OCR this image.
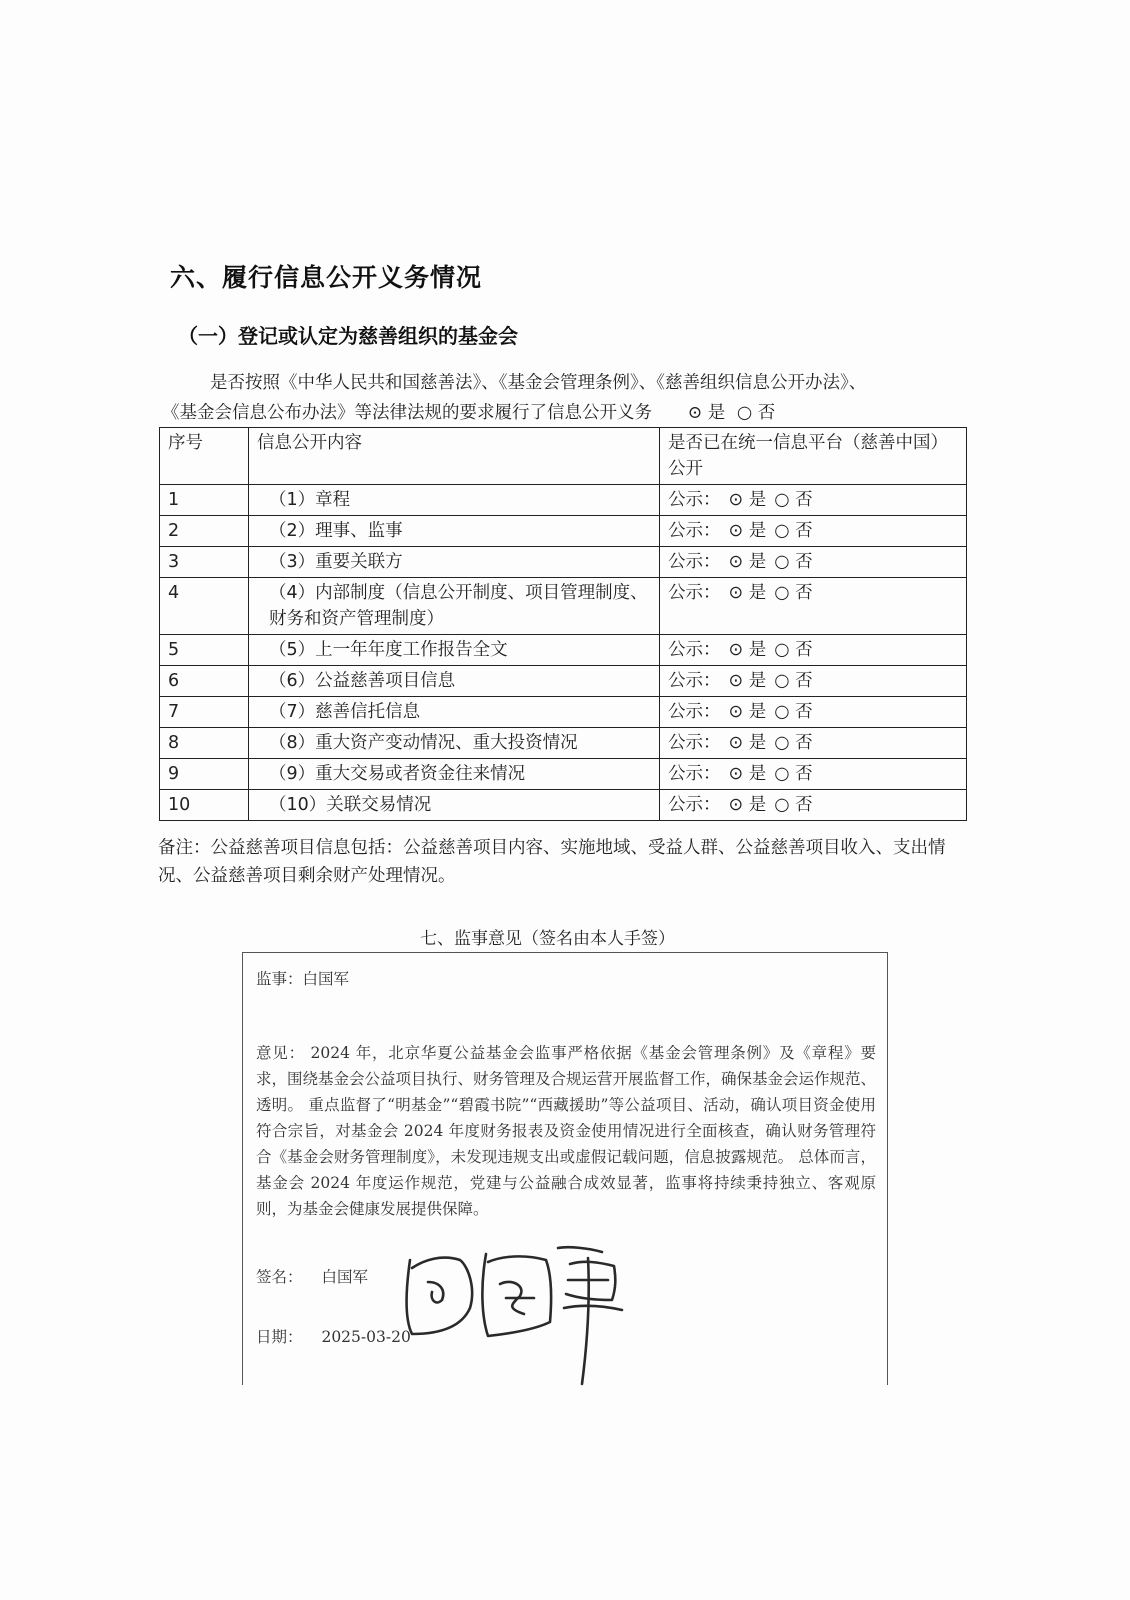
六、履行信息公开义务情况
（一）登记或认定为慈善组织的基金会
是否按照《中华人民共和国慈善法》、《基金会管理条例》、《慈善组织信息公开办法》、
《基金会信息公布办法》等法律法规的要求履行了信息公开义务 ⊙ 是 ○ 否
序号	信息公开内容	是否已在统一信息平台（慈善中国）公开
1	（1）章程	公示： ⊙ 是 ○ 否
2	（2）理事、监事	公示： ⊙ 是 ○ 否
3	（3）重要关联方	公示： ⊙ 是 ○ 否
4	（4）内部制度（信息公开制度、项目管理制度、财务和资产管理制度）	公示： ⊙ 是 ○ 否
5	（5）上一年年度工作报告全文	公示： ⊙ 是 ○ 否
6	（6）公益慈善项目信息	公示： ⊙ 是 ○ 否
7	（7）慈善信托信息	公示： ⊙ 是 ○ 否
8	（8）重大资产变动情况、重大投资情况	公示： ⊙ 是 ○ 否
9	（9）重大交易或者资金往来情况	公示： ⊙ 是 ○ 否
10	（10）关联交易情况	公示： ⊙ 是 ○ 否
备注：公益慈善项目信息包括：公益慈善项目内容、实施地域、受益人群、公益慈善项目收入、支出情况、公益慈善项目剩余财产处理情况。
七、监事意见（签名由本人手签）
监事：白国军
意见： 2024 年，北京华夏公益基金会监事严格依据《基金会管理条例》及《章程》要求，围绕基金会公益项目执行、财务管理及合规运营开展监督工作，确保基金会运作规范、透明。 重点监督了“明基金”“碧霞书院”“西藏援助”等公益项目、活动，确认项目资金使用符合宗旨，对基金会 2024 年度财务报表及资金使用情况进行全面核查，确认财务管理符合《基金会财务管理制度》，未发现违规支出或虚假记载问题，信息披露规范。 总体而言，基金会 2024 年度运作规范，党建与公益融合成效显著，监事将持续秉持独立、客观原则，为基金会健康发展提供保障。
签名： 白国军
日期： 2025-03-20
